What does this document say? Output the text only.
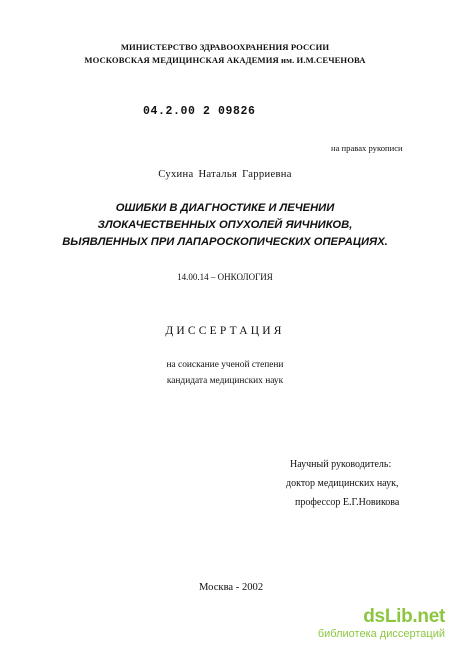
МИНИСТЕРСТВО ЗДРАВООХРАНЕНИЯ РОССИИ
МОСКОВСКАЯ МЕДИЦИНСКАЯ АКАДЕМИЯ им. И.М.СЕЧЕНОВА
04.2.00 2 09826
на правах рукописи
Сухина Наталья Гарриевна
ОШИБКИ В ДИАГНОСТИКЕ И ЛЕЧЕНИИ
ЗЛОКАЧЕСТВЕННЫХ ОПУХОЛЕЙ ЯИЧНИКОВ,
ВЫЯВЛЕННЫХ ПРИ ЛАПАРОСКОПИЧЕСКИХ ОПЕРАЦИЯХ.
14.00.14 – ОНКОЛОГИЯ
ДИССЕРТАЦИЯ
на соискание ученой степени
кандидата медицинских наук
Научный руководитель:
доктор медицинских наук,
профессор Е.Г.Новикова
Москва - 2002
dsLib.net
библиотека диссертаций
